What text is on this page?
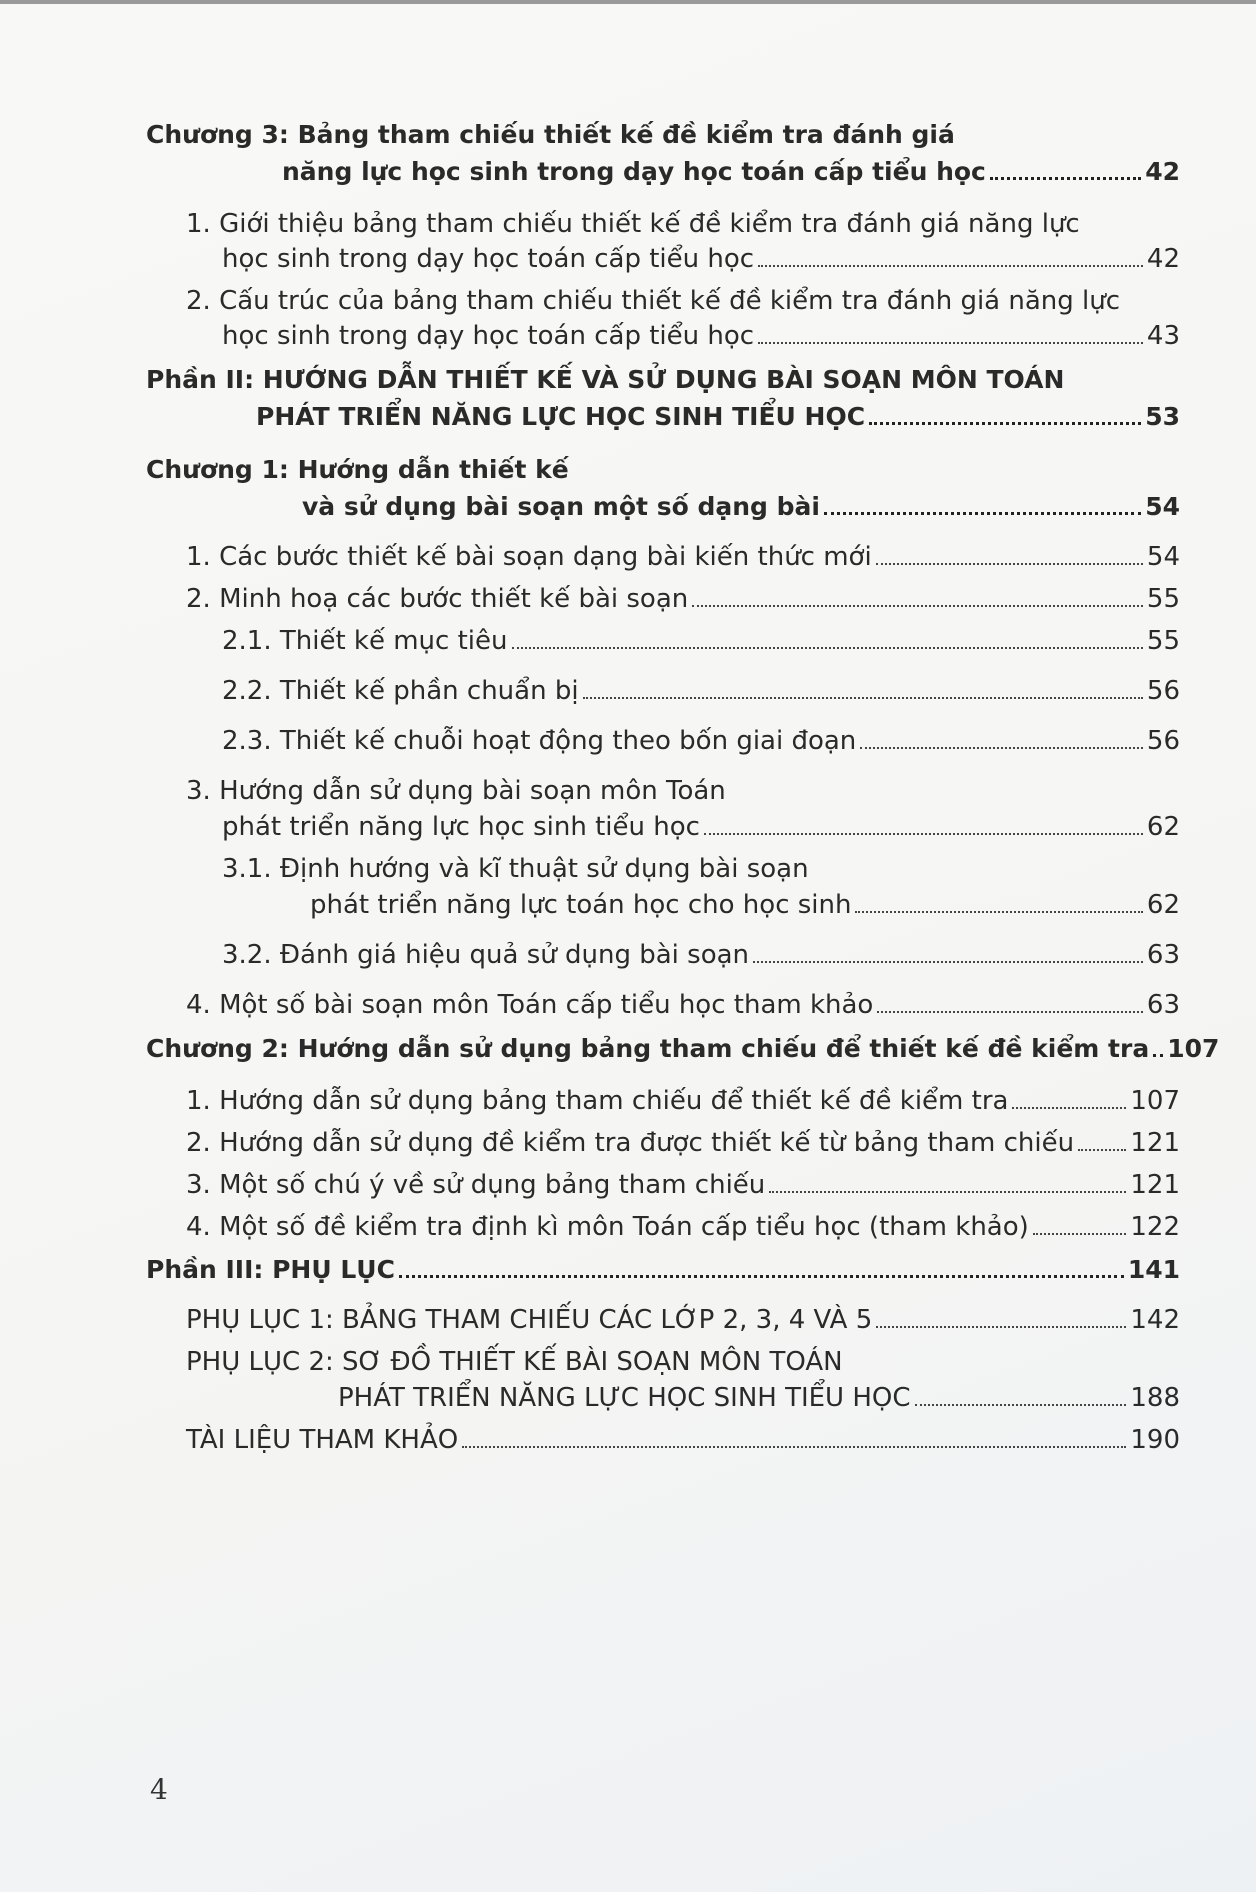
Chương 3: Bảng tham chiếu thiết kế đề kiểm tra đánh giá
năng lực học sinh trong dạy học toán cấp tiểu học	42
1. Giới thiệu bảng tham chiếu thiết kế đề kiểm tra đánh giá năng lực
học sinh trong dạy học toán cấp tiểu học	42
2. Cấu trúc của bảng tham chiếu thiết kế đề kiểm tra đánh giá năng lực
học sinh trong dạy học toán cấp tiểu học	43
Phần II: HƯỚNG DẪN THIẾT KẾ VÀ SỬ DỤNG BÀI SOẠN MÔN TOÁN
PHÁT TRIỂN NĂNG LỰC HỌC SINH TIỂU HỌC	53
Chương 1: Hướng dẫn thiết kế
và sử dụng bài soạn một số dạng bài	54
1. Các bước thiết kế bài soạn dạng bài kiến thức mới	54
2. Minh hoạ các bước thiết kế bài soạn	55
2.1. Thiết kế mục tiêu	55
2.2. Thiết kế phần chuẩn bị	56
2.3. Thiết kế chuỗi hoạt động theo bốn giai đoạn	56
3. Hướng dẫn sử dụng bài soạn môn Toán
phát triển năng lực học sinh tiểu học	62
3.1. Định hướng và kĩ thuật sử dụng bài soạn
phát triển năng lực toán học cho học sinh	62
3.2. Đánh giá hiệu quả sử dụng bài soạn	63
4. Một số bài soạn môn Toán cấp tiểu học tham khảo	63
Chương 2: Hướng dẫn sử dụng bảng tham chiếu để thiết kế đề kiểm tra 107
1. Hướng dẫn sử dụng bảng tham chiếu để thiết kế đề kiểm tra	107
2. Hướng dẫn sử dụng đề kiểm tra được thiết kế từ bảng tham chiếu 121
3. Một số chú ý về sử dụng bảng tham chiếu	121
4. Một số đề kiểm tra định kì môn Toán cấp tiểu học (tham khảo)	122
Phần III: PHỤ LỤC	141
PHỤ LỤC 1: BẢNG THAM CHIẾU CÁC LỚP 2, 3, 4 VÀ 5	142
PHỤ LỤC 2: SƠ ĐỒ THIẾT KẾ BÀI SOẠN MÔN TOÁN
PHÁT TRIỂN NĂNG LỰC HỌC SINH TIỂU HỌC	188
TÀI LIỆU THAM KHẢO	190
4
